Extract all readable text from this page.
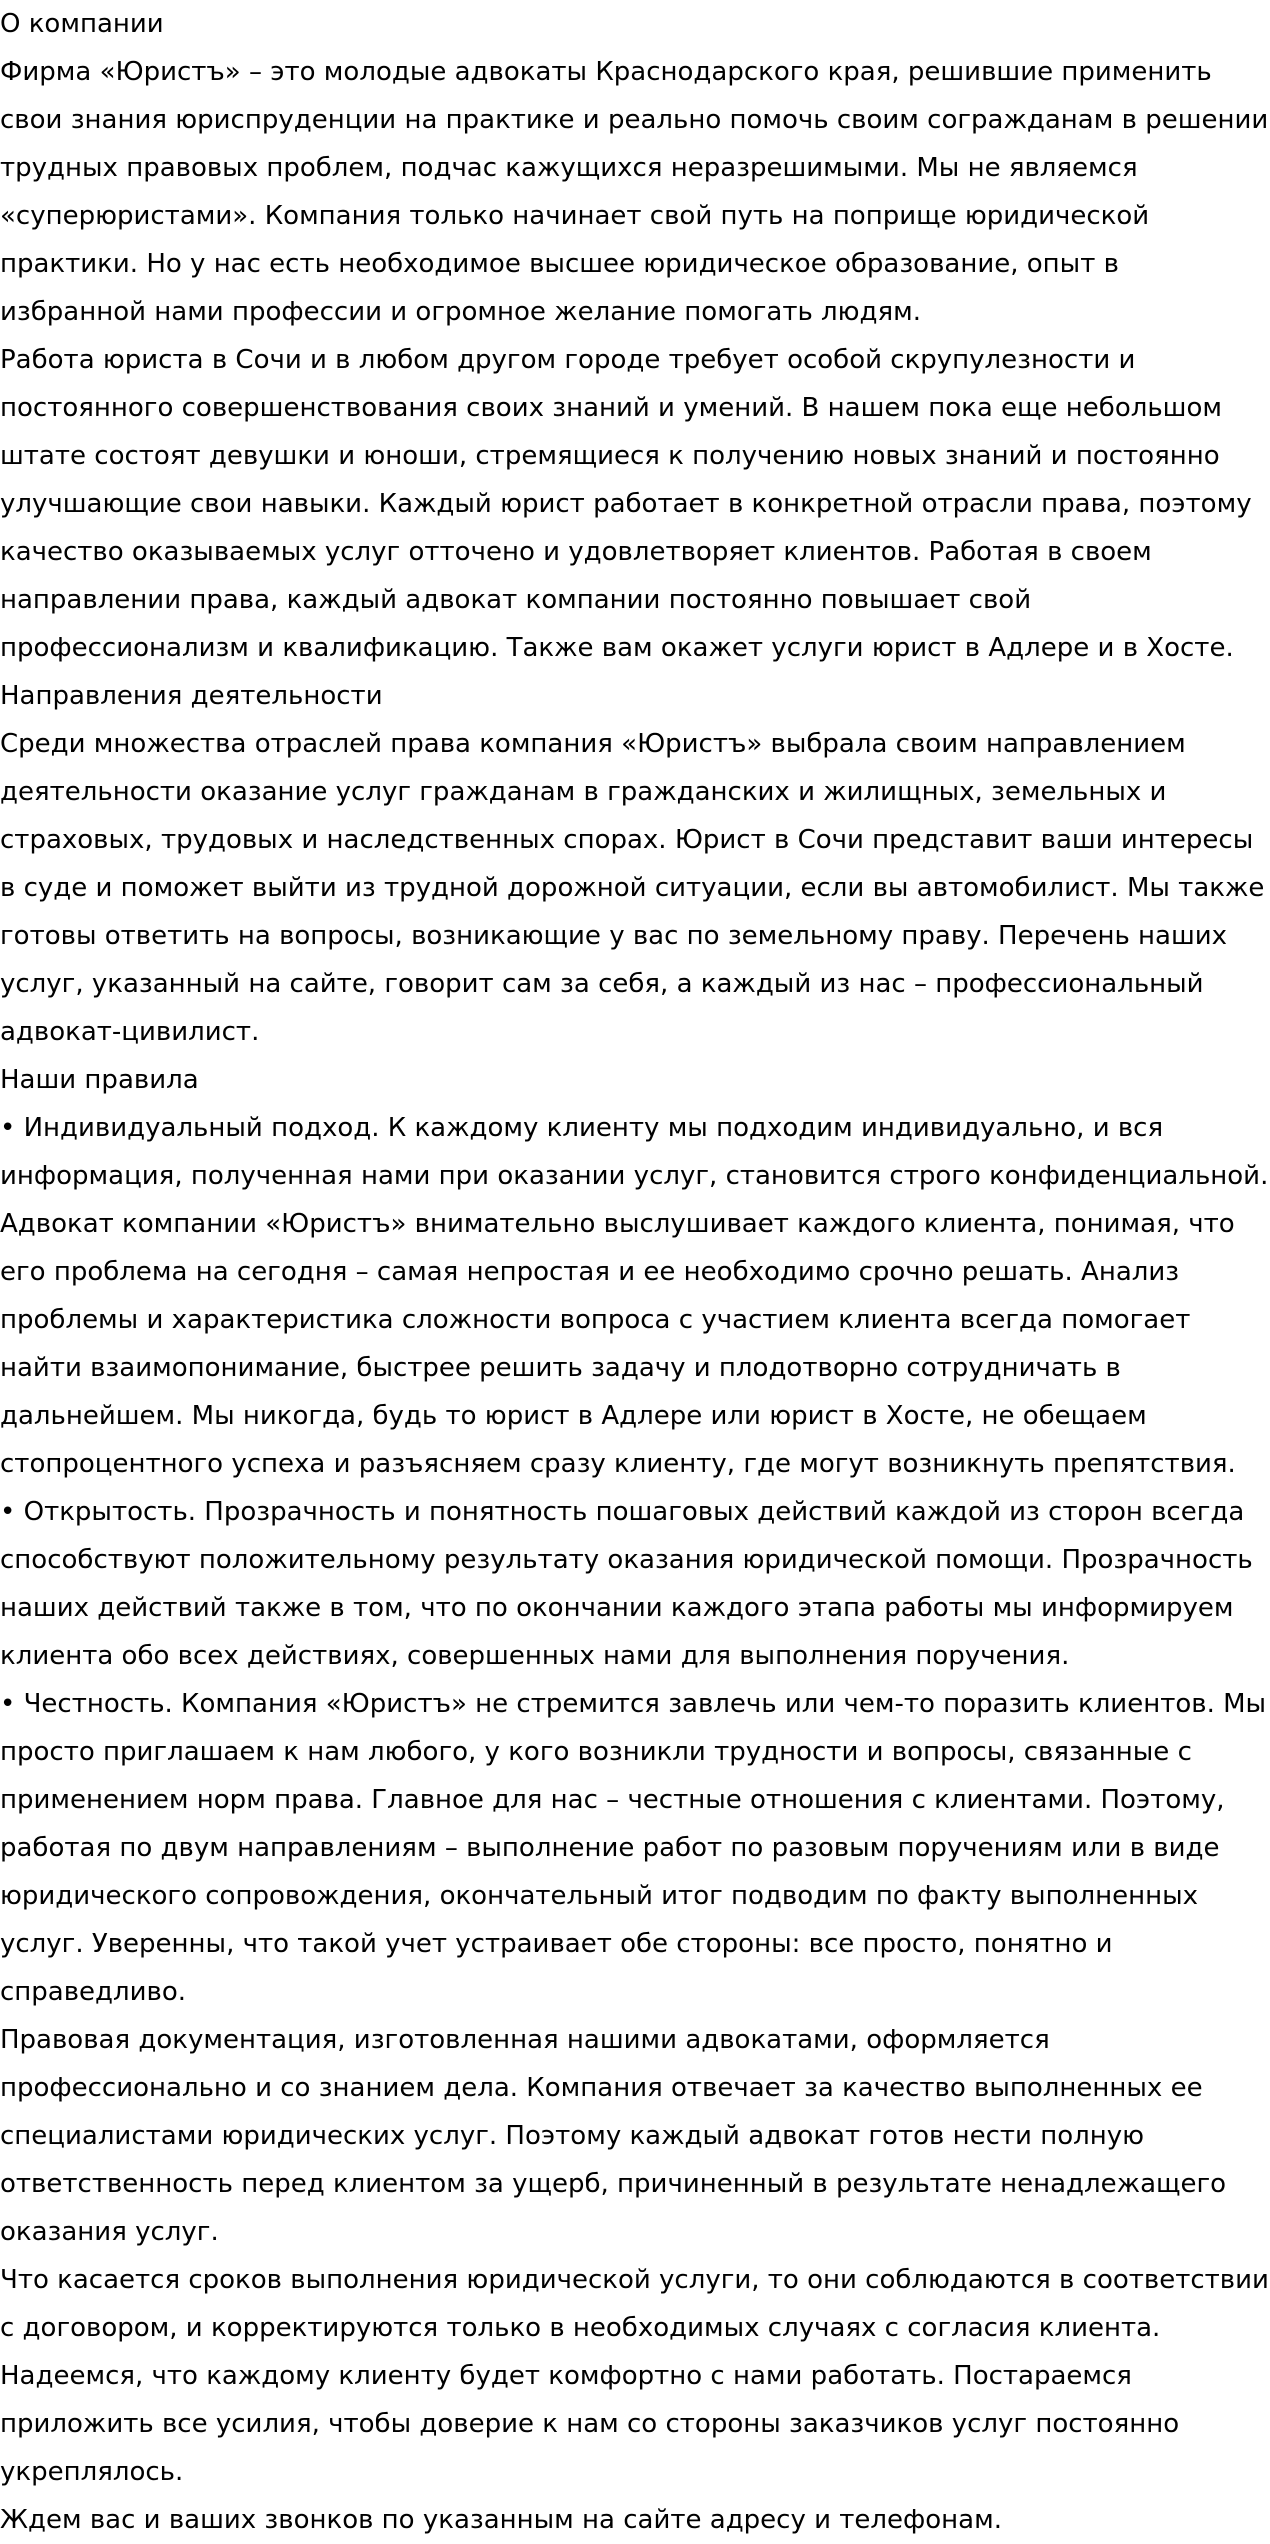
О компании

Фирма «Юристъ» – это молодые адвокаты Краснодарского края, решившие применить свои знания юриспруденции на практике и реально помочь своим согражданам в решении трудных правовых проблем, подчас кажущихся неразрешимыми. Мы не являемся «суперюристами». Компания только начинает свой путь на поприще юридической практики. Но у нас есть необходимое высшее юридическое образование, опыт в избранной нами профессии и огромное желание помогать людям.

Работа юриста в Сочи и в любом другом городе требует особой скрупулезности и постоянного совершенствования своих знаний и умений. В нашем пока еще небольшом штате состоят девушки и юноши, стремящиеся к получению новых знаний и постоянно улучшающие свои навыки. Каждый юрист работает в конкретной отрасли права, поэтому качество оказываемых услуг отточено и удовлетворяет клиентов. Работая в своем направлении права, каждый адвокат компании постоянно повышает свой профессионализм и квалификацию. Также вам окажет услуги юрист в Адлере и в Хосте.

Направления деятельности

Среди множества отраслей права компания «Юристъ» выбрала своим направлением деятельности оказание услуг гражданам в гражданских и жилищных, земельных и страховых, трудовых и наследственных спорах. Юрист в Сочи представит ваши интересы в суде и поможет выйти из трудной дорожной ситуации, если вы автомобилист. Мы также готовы ответить на вопросы, возникающие у вас по земельному праву. Перечень наших услуг, указанный на сайте, говорит сам за себя, а каждый из нас – профессиональный адвокат-цивилист.

Наши правила

• Индивидуальный подход. К каждому клиенту мы подходим индивидуально, и вся информация, полученная нами при оказании услуг, становится строго конфиденциальной. Адвокат компании «Юристъ» внимательно выслушивает каждого клиента, понимая, что его проблема на сегодня – самая непростая и ее необходимо срочно решать. Анализ проблемы и характеристика сложности вопроса с участием клиента всегда помогает найти взаимопонимание, быстрее решить задачу и плодотворно сотрудничать в дальнейшем. Мы никогда, будь то юрист в Адлере или юрист в Хосте, не обещаем стопроцентного успеха и разъясняем сразу клиенту, где могут возникнуть препятствия.

• Открытость. Прозрачность и понятность пошаговых действий каждой из сторон всегда способствуют положительному результату оказания юридической помощи. Прозрачность наших действий также в том, что по окончании каждого этапа работы мы информируем клиента обо всех действиях, совершенных нами для выполнения поручения.

• Честность. Компания «Юристъ» не стремится завлечь или чем-то поразить клиентов. Мы просто приглашаем к нам любого, у кого возникли трудности и вопросы, связанные с применением норм права. Главное для нас – честные отношения с клиентами. Поэтому, работая по двум направлениям – выполнение работ по разовым поручениям или в виде юридического сопровождения, окончательный итог подводим по факту выполненных услуг. Уверенны, что такой учет устраивает обе стороны: все просто, понятно и справедливо.

Правовая документация, изготовленная нашими адвокатами, оформляется профессионально и со знанием дела. Компания отвечает за качество выполненных ее специалистами юридических услуг. Поэтому каждый адвокат готов нести полную ответственность перед клиентом за ущерб, причиненный в результате ненадлежащего оказания услуг.

Что касается сроков выполнения юридической услуги, то они соблюдаются в соответствии с договором, и корректируются только в необходимых случаях с согласия клиента.

Надеемся, что каждому клиенту будет комфортно с нами работать. Постараемся приложить все усилия, чтобы доверие к нам со стороны заказчиков услуг постоянно укреплялось.

Ждем вас и ваших звонков по указанным на сайте адресу и телефонам.
